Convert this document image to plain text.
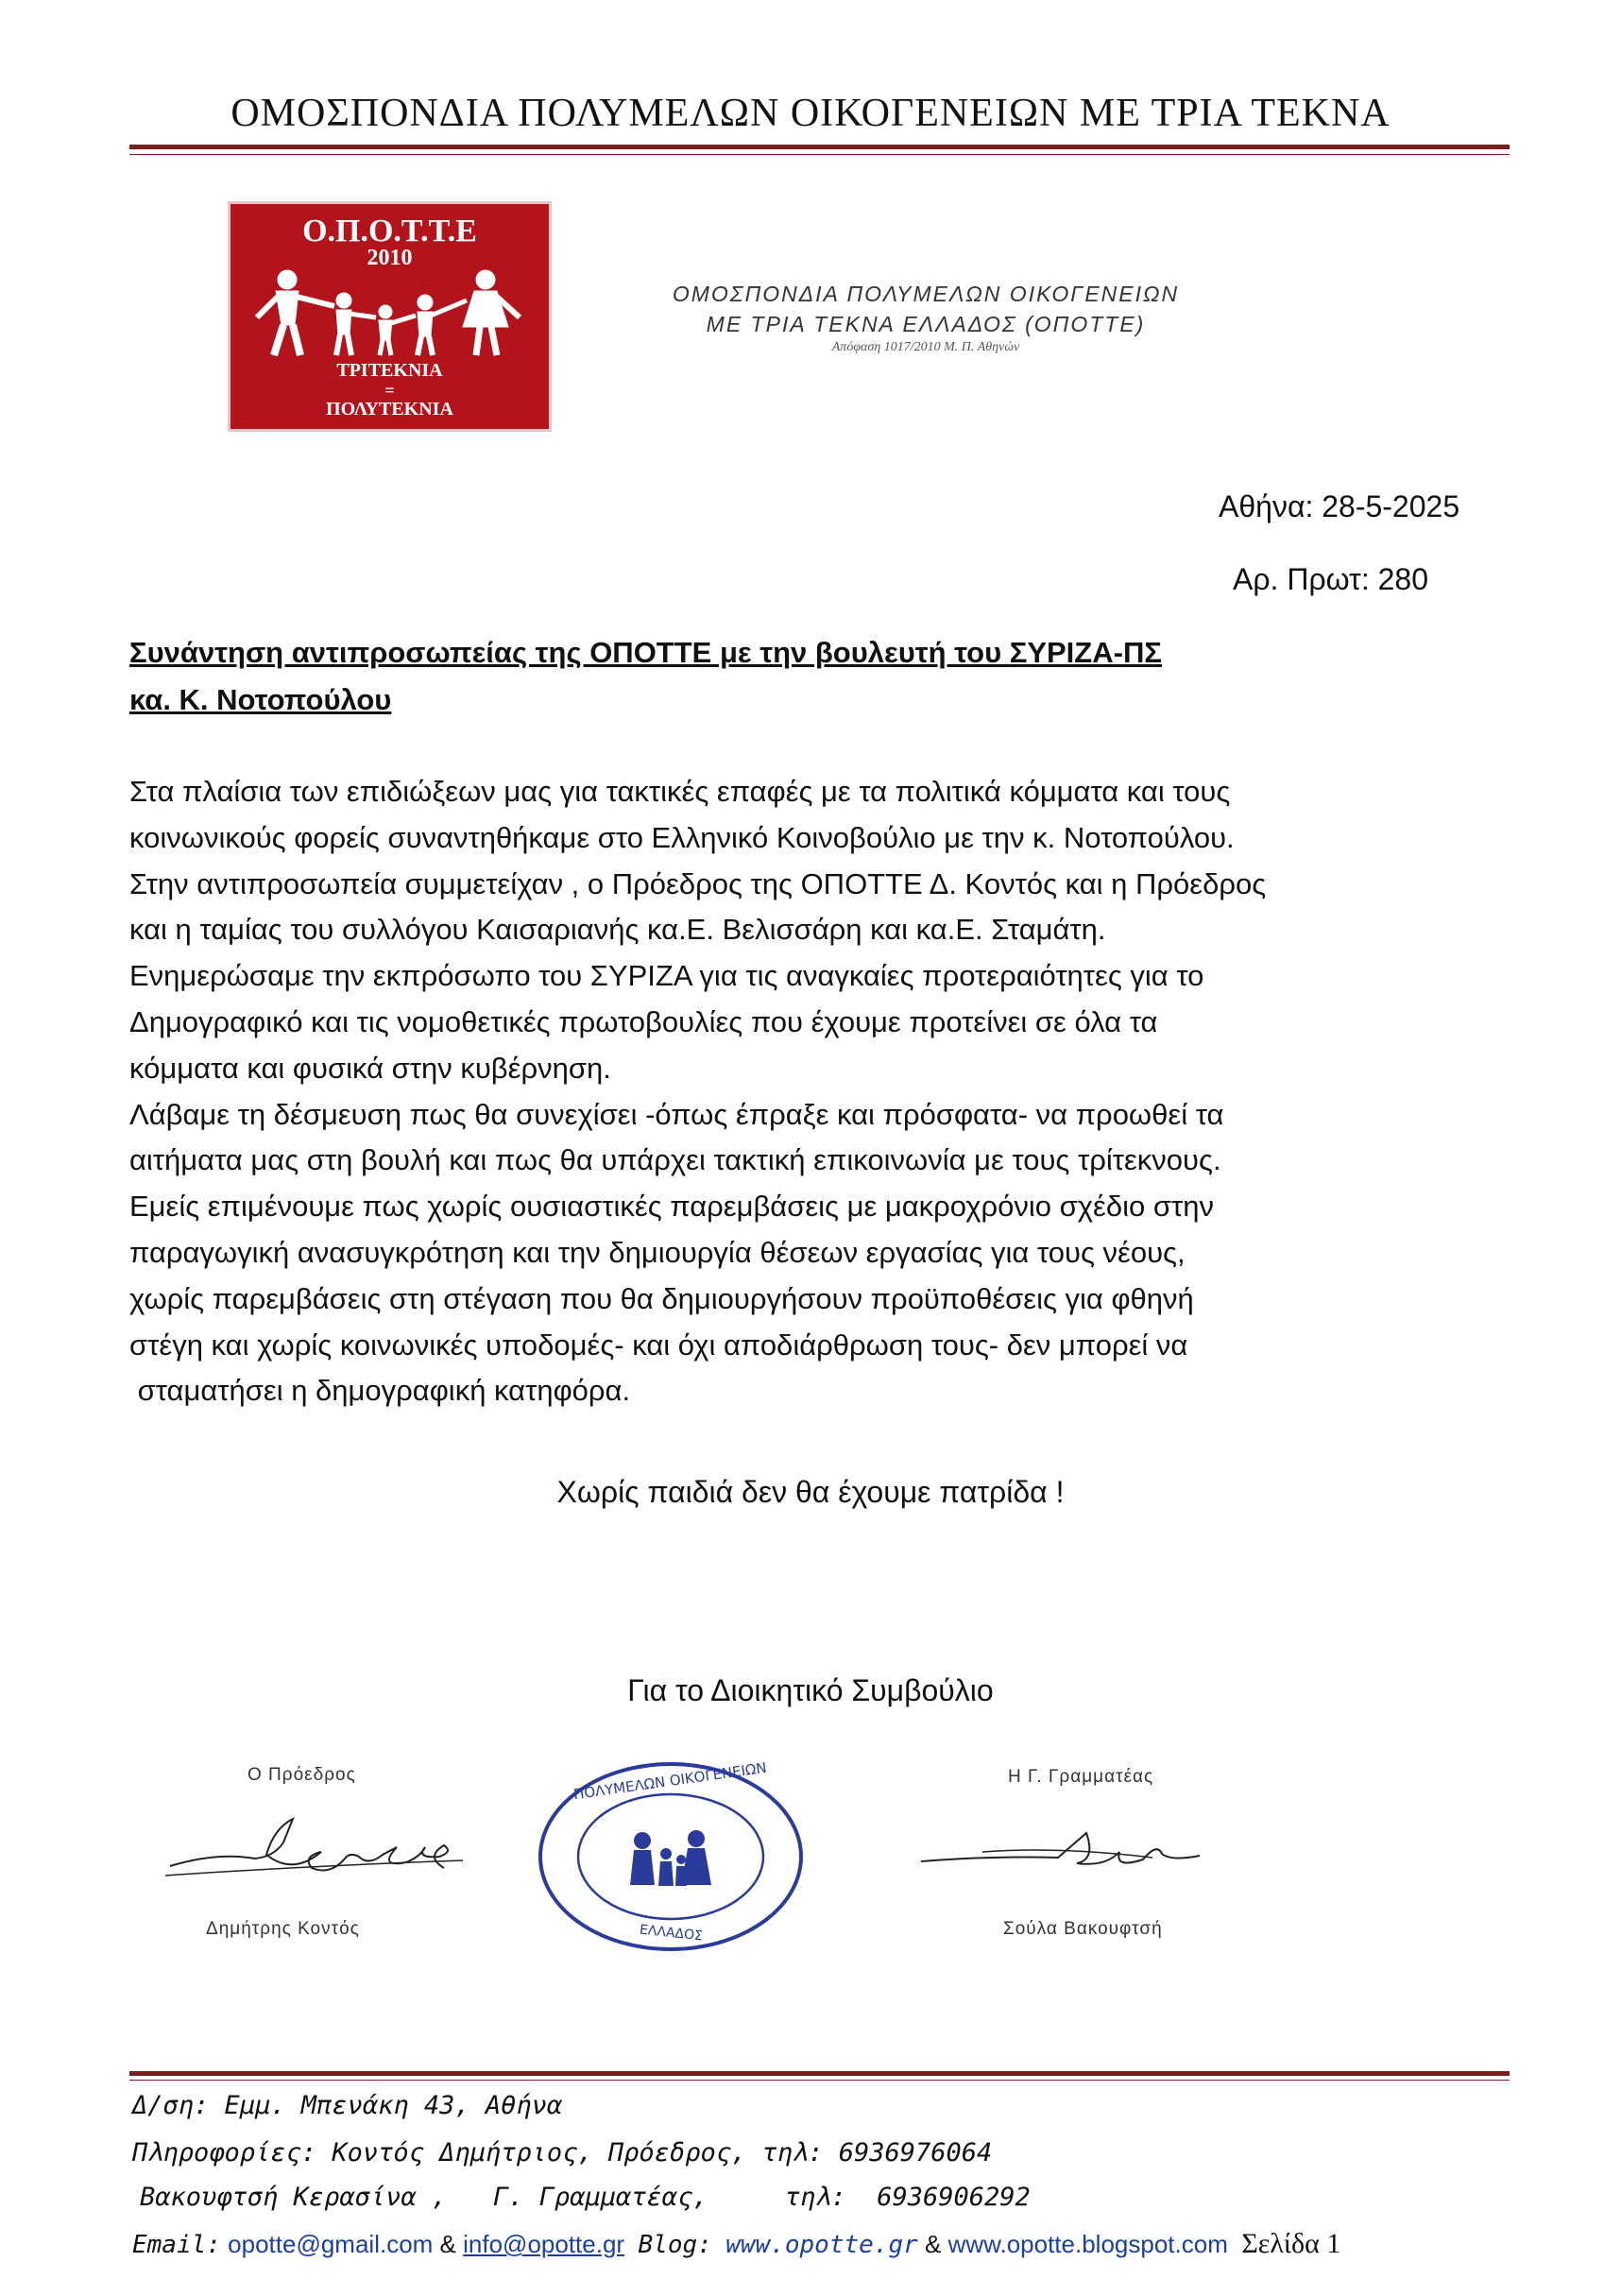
ΟΜΟΣΠΟΝΔΙΑ ΠΟΛΥΜΕΛΩΝ ΟΙΚΟΓΕΝΕΙΩΝ ΜΕ ΤΡΙΑ ΤΕΚΝΑ
Ο.Π.Ο.Τ.Τ.Ε
2010
ΤΡΙΤΕΚΝΙΑ
=
ΠΟΛΥΤΕΚΝΙΑ
ΟΜΟΣΠΟΝΔΙΑ ΠΟΛΥΜΕΛΩΝ ΟΙΚΟΓΕΝΕΙΩΝ
ΜΕ ΤΡΙΑ ΤΕΚΝΑ ΕΛΛΑΔΟΣ (ΟΠΟΤΤΕ)
Απόφαση 1017/2010 Μ. Π. Αθηνών
Αθήνα: 28-5-2025
Αρ. Πρωτ: 280
Συνάντηση αντιπροσωπείας της ΟΠΟΤΤΕ με την βουλευτή του ΣΥΡΙΖΑ-ΠΣ
κα. Κ. Νοτοπούλου
Στα πλαίσια των επιδιώξεων μας για τακτικές επαφές με τα πολιτικά κόμματα και τους
κοινωνικούς φορείς συναντηθήκαμε στο Ελληνικό Κοινοβούλιο με την κ. Νοτοπούλου.
Στην αντιπροσωπεία συμμετείχαν , ο Πρόεδρος της ΟΠΟΤΤΕ Δ. Κοντός και η Πρόεδρος
και η ταμίας του συλλόγου Καισαριανής κα.Ε. Βελισσάρη και κα.Ε. Σταμάτη.
Ενημερώσαμε την εκπρόσωπο του ΣΥΡΙΖΑ για τις αναγκαίες προτεραιότητες για το
Δημογραφικό και τις νομοθετικές πρωτοβουλίες που έχουμε προτείνει σε όλα τα
κόμματα και φυσικά στην κυβέρνηση.
Λάβαμε τη δέσμευση πως θα συνεχίσει -όπως έπραξε και πρόσφατα- να προωθεί τα
αιτήματα μας στη βουλή και πως θα υπάρχει τακτική επικοινωνία με τους τρίτεκνους.
Εμείς επιμένουμε πως χωρίς ουσιαστικές παρεμβάσεις με μακροχρόνιο σχέδιο στην
παραγωγική ανασυγκρότηση και την δημιουργία θέσεων εργασίας για τους νέους,
χωρίς παρεμβάσεις στη στέγαση που θα δημιουργήσουν προϋποθέσεις για φθηνή
στέγη και χωρίς κοινωνικές υποδομές- και όχι αποδιάρθρωση τους- δεν μπορεί να
σταματήσει η δημογραφική κατηφόρα.
Χωρίς παιδιά δεν θα έχουμε πατρίδα !
Για το Διοικητικό Συμβούλιο
Ο Πρόεδρος
Δημήτρης Κοντός
ΠΟΛΥΜΕΛΩΝ ΟΙΚΟΓΕΝΕΙΩΝ
ΕΛΛΑΔΟΣ
Η Γ. Γραμματέας
Σούλα Βακουφτσή
Δ/ση: Εμμ. Μπενάκη 43, Αθήνα
Πληροφορίες: Κοντός Δημήτριος, Πρόεδρος, τηλ: 6936976064
Βακουφτσή Κερασίνα ,   Γ. Γραμματέας,     τηλ:  6936906292
Email: opotte@gmail.com & info@opotte.gr Blog: www.opotte.gr & www.opotte.blogspot.com Σελίδα 1
